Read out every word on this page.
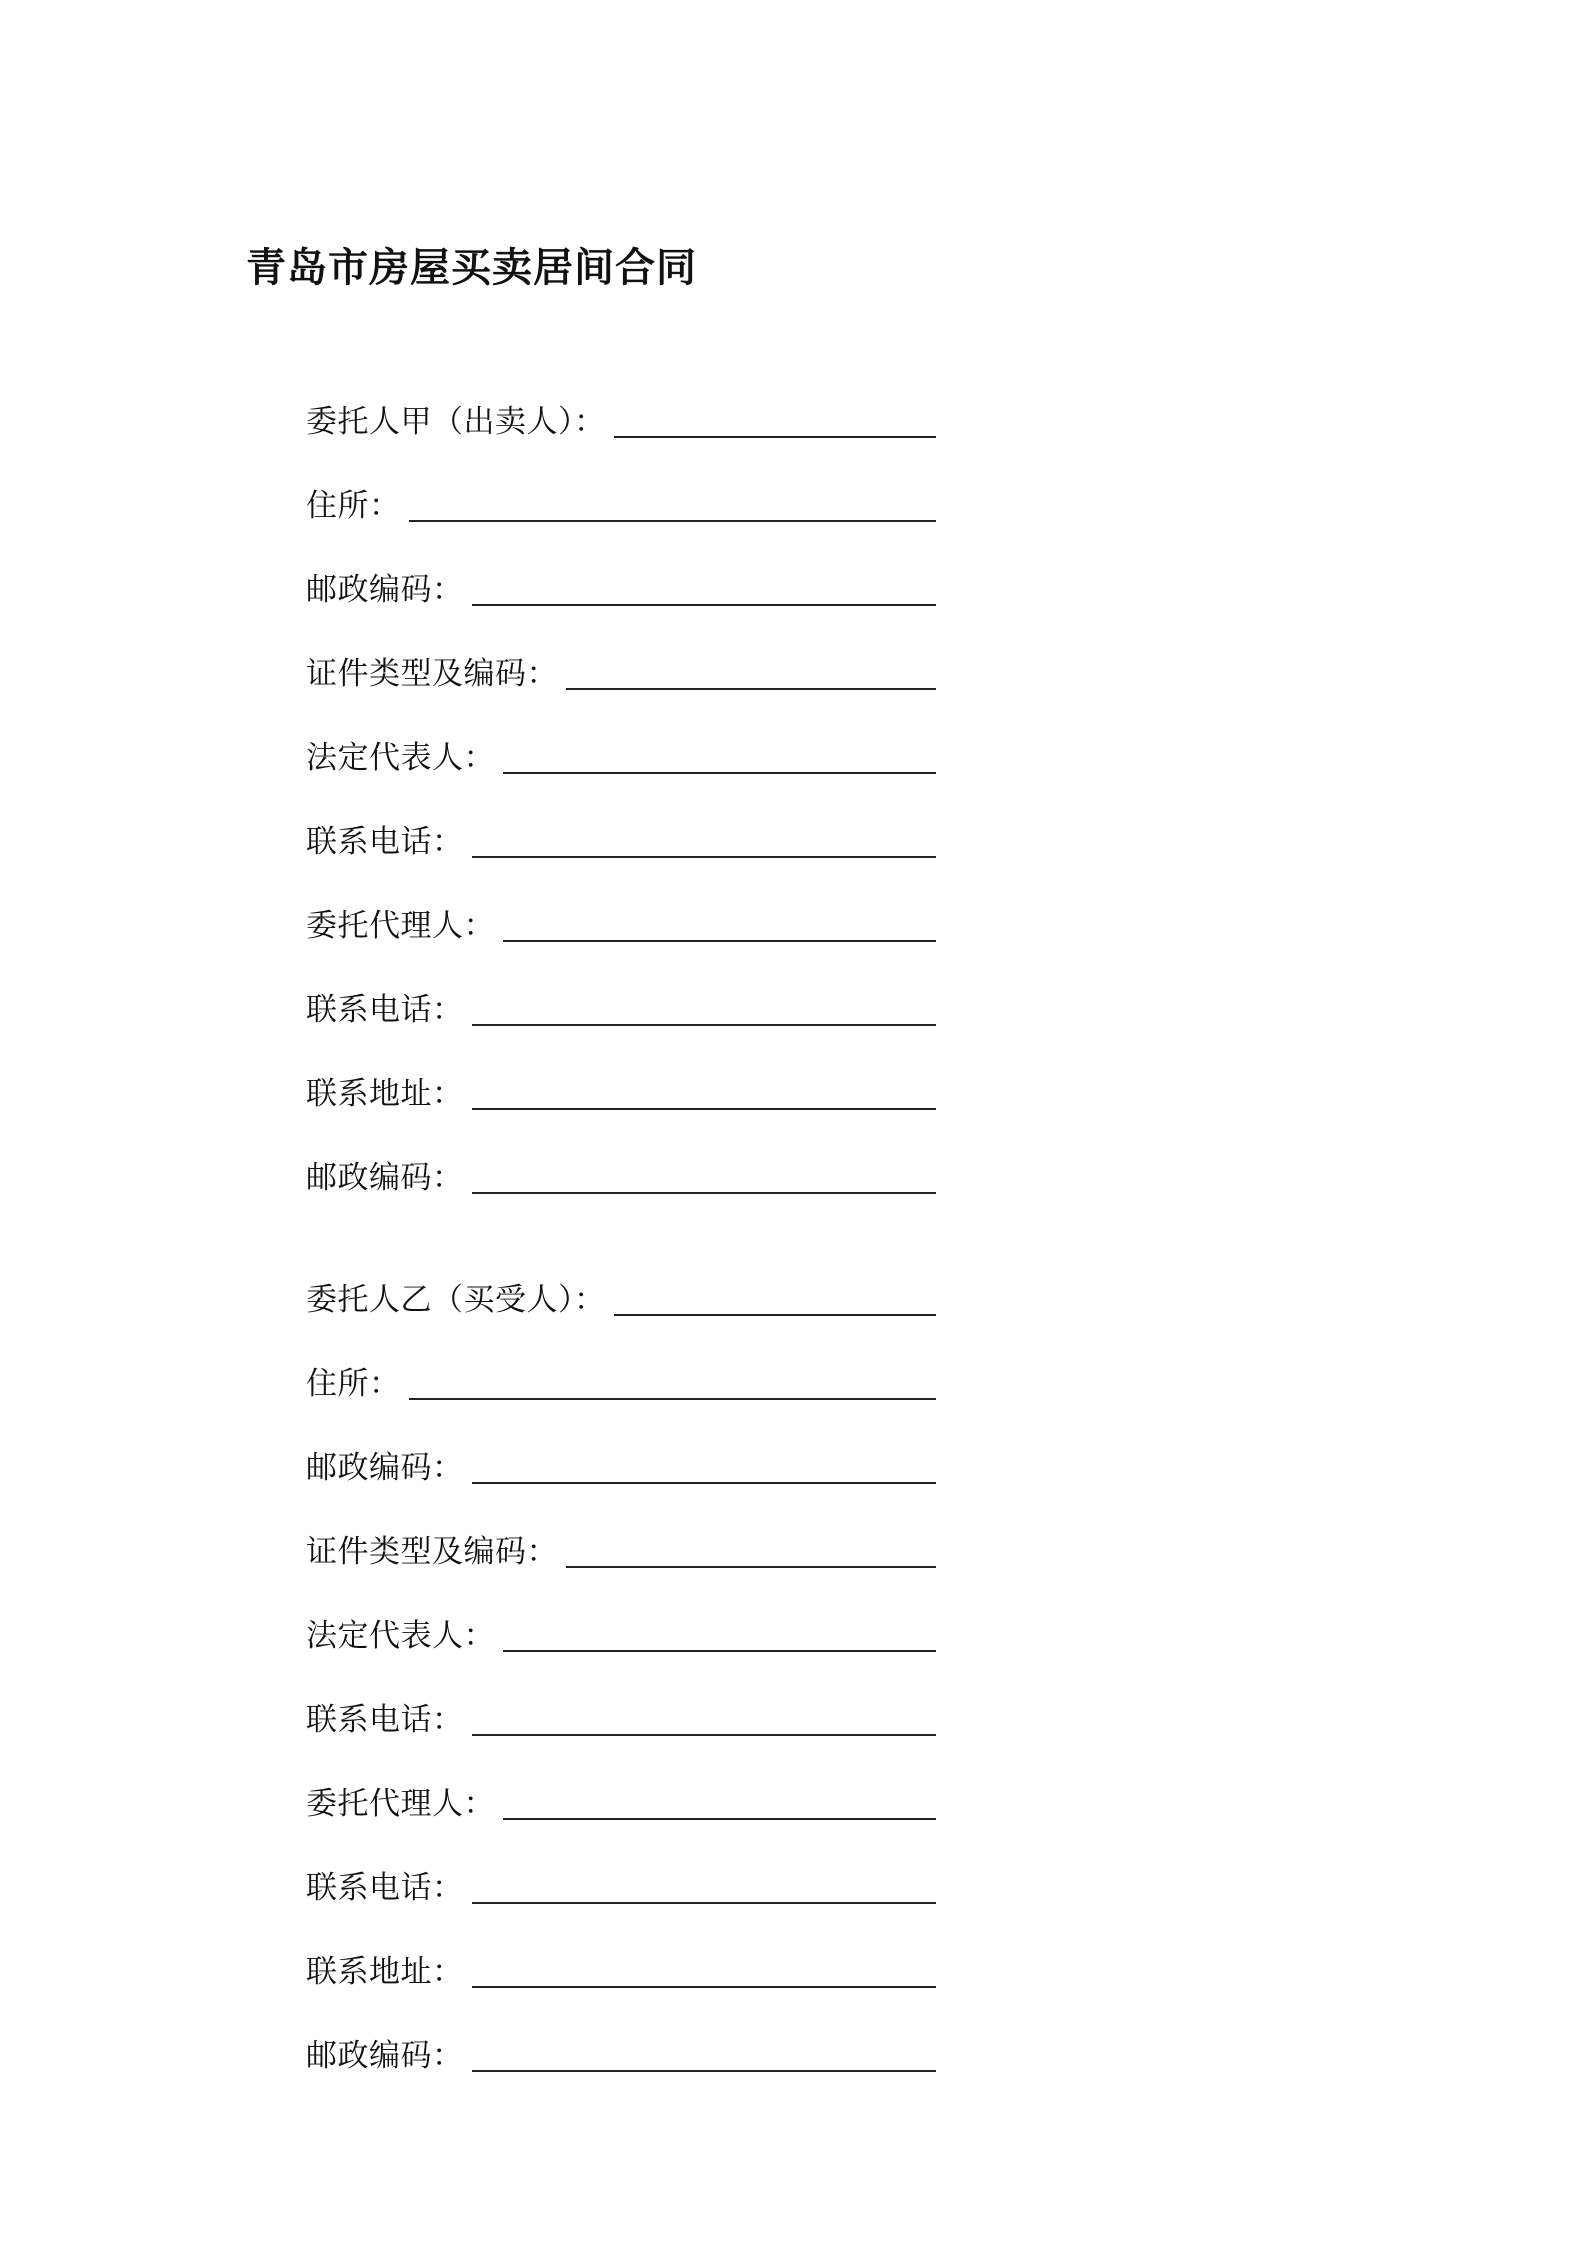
青岛市房屋买卖居间合同
委托人甲（出卖人）：
住所：
邮政编码：
证件类型及编码：
法定代表人：
联系电话：
委托代理人：
联系电话：
联系地址：
邮政编码：
委托人乙（买受人）：
住所：
邮政编码：
证件类型及编码：
法定代表人：
联系电话：
委托代理人：
联系电话：
联系地址：
邮政编码：
